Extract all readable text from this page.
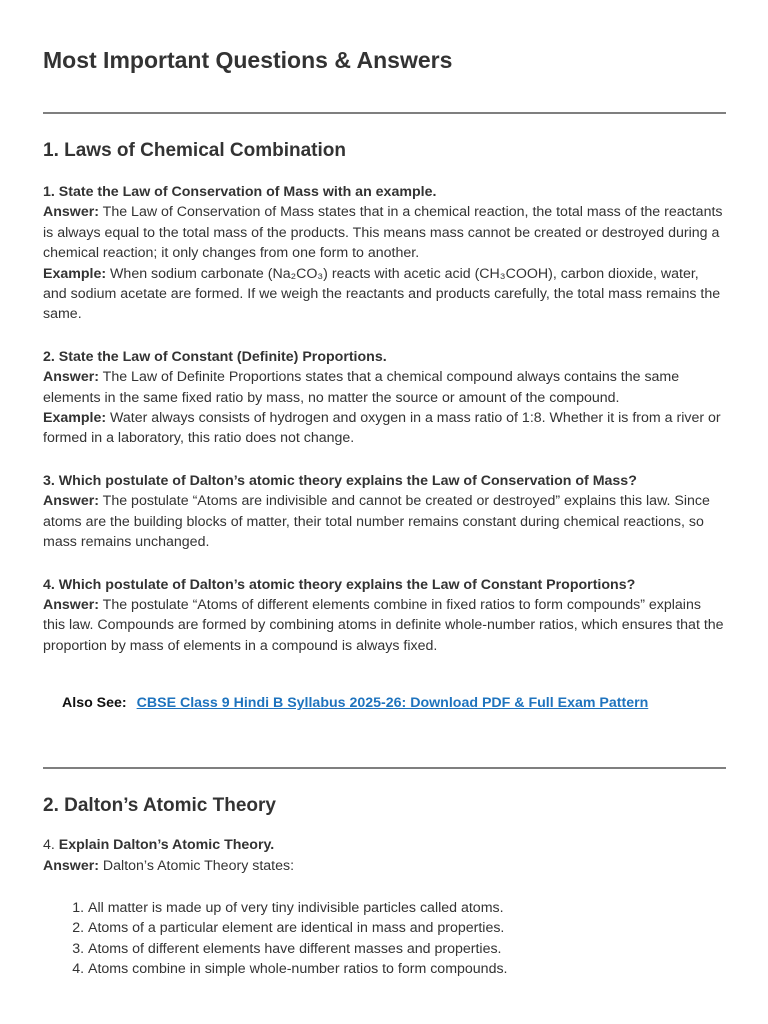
Most Important Questions & Answers
1. Laws of Chemical Combination

1. State the Law of Conservation of Mass with an example.

Answer: The Law of Conservation of Mass states that in a chemical reaction, the total mass of the reactants is always equal to the total mass of the products. This means mass cannot be created or destroyed during a chemical reaction; it only changes from one form to another.

Example: When sodium carbonate (Na₂CO₃) reacts with acetic acid (CH₃COOH), carbon dioxide, water, and sodium acetate are formed. If we weigh the reactants and products carefully, the total mass remains the same.

2. State the Law of Constant (Definite) Proportions.

Answer: The Law of Definite Proportions states that a chemical compound always contains the same elements in the same fixed ratio by mass, no matter the source or amount of the compound.

Example: Water always consists of hydrogen and oxygen in a mass ratio of 1:8. Whether it is from a river or formed in a laboratory, this ratio does not change.

3. Which postulate of Dalton’s atomic theory explains the Law of Conservation of Mass?

Answer: The postulate “Atoms are indivisible and cannot be created or destroyed” explains this law. Since atoms are the building blocks of matter, their total number remains constant during chemical reactions, so mass remains unchanged.

4. Which postulate of Dalton’s atomic theory explains the Law of Constant Proportions?

Answer: The postulate “Atoms of different elements combine in fixed ratios to form compounds” explains this law. Compounds are formed by combining atoms in definite whole-number ratios, which ensures that the proportion by mass of elements in a compound is always fixed.

Also See: CBSE Class 9 Hindi B Syllabus 2025-26: Download PDF & Full Exam Pattern
2. Dalton’s Atomic Theory

4. Explain Dalton’s Atomic Theory.

Answer: Dalton’s Atomic Theory states:

1. All matter is made up of very tiny indivisible particles called atoms.
2. Atoms of a particular element are identical in mass and properties.
3. Atoms of different elements have different masses and properties.
4. Atoms combine in simple whole-number ratios to form compounds.
